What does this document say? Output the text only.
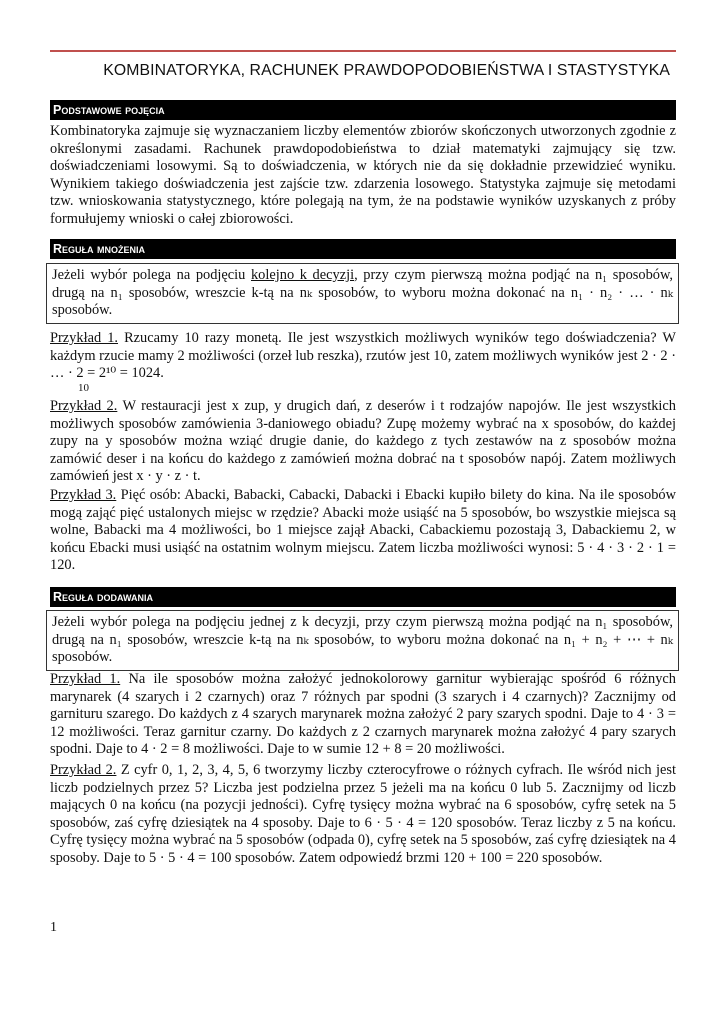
KOMBINATORYKA, RACHUNEK PRAWDOPODOBIEŃSTWA I STASTYSTYKA
Podstawowe pojęcia
Kombinatoryka zajmuje się wyznaczaniem liczby elementów zbiorów skończonych utworzonych zgodnie z określonymi zasadami. Rachunek prawdopodobieństwa to dział matematyki zajmujący się tzw. doświadczeniami losowymi. Są to doświadczenia, w których nie da się dokładnie przewidzieć wyniku. Wynikiem takiego doświadczenia jest zajście tzw. zdarzenia losowego. Statystyka zajmuje się metodami tzw. wnioskowania statystycznego, które polegają na tym, że na podstawie wyników uzyskanych z próby formułujemy wnioski o całej zbiorowości.
Reguła mnożenia
Jeżeli wybór polega na podjęciu kolejno k decyzji, przy czym pierwszą można podjąć na n₁ sposobów, drugą na n₁ sposobów, wreszcie k-tą na nₖ sposobów, to wyboru można dokonać na n₁ · n₂ · … · nₖ sposobów.
Przykład 1. Rzucamy 10 razy monetą. Ile jest wszystkich możliwych wyników tego doświadczenia? W każdym rzucie mamy 2 możliwości (orzeł lub reszka), rzutów jest 10, zatem możliwych wyników jest 2 · 2 · … · 2 = 2¹⁰ = 1024.
10
Przykład 2. W restauracji jest x zup, y drugich dań, z deserów i t rodzajów napojów. Ile jest wszystkich możliwych sposobów zamówienia 3-daniowego obiadu? Zupę możemy wybrać na x sposobów, do każdej zupy na y sposobów można wziąć drugie danie, do każdego z tych zestawów na z sposobów można zamówić deser i na końcu do każdego z zamówień można dobrać na t sposobów napój. Zatem możliwych zamówień jest x · y · z · t.
Przykład 3. Pięć osób: Abacki, Babacki, Cabacki, Dabacki i Ebacki kupiło bilety do kina. Na ile sposobów mogą zająć pięć ustalonych miejsc w rzędzie? Abacki może usiąść na 5 sposobów, bo wszystkie miejsca są wolne, Babacki ma 4 możliwości, bo 1 miejsce zajął Abacki, Cabackiemu pozostają 3, Dabackiemu 2, w końcu Ebacki musi usiąść na ostatnim wolnym miejscu. Zatem liczba możliwości wynosi: 5 · 4 · 3 · 2 · 1 = 120.
Reguła dodawania
Jeżeli wybór polega na podjęciu jednej z k decyzji, przy czym pierwszą można podjąć na n₁ sposobów, drugą na n₁ sposobów, wreszcie k-tą na nₖ sposobów, to wyboru można dokonać na n₁ + n₂ + ⋯ + nₖ sposobów.
Przykład 1. Na ile sposobów można założyć jednokolorowy garnitur wybierając spośród 6 różnych marynarek (4 szarych i 2 czarnych) oraz 7 różnych par spodni (3 szarych i 4 czarnych)? Zacznijmy od garnituru szarego. Do każdych z 4 szarych marynarek można założyć 2 pary szarych spodni. Daje to 4 · 3 = 12 możliwości. Teraz garnitur czarny. Do każdych z 2 czarnych marynarek można założyć 4 pary szarych spodni. Daje to 4 · 2 = 8 możliwości. Daje to w sumie 12 + 8 = 20 możliwości.
Przykład 2. Z cyfr 0, 1, 2, 3, 4, 5, 6 tworzymy liczby czterocyfrowe o różnych cyfrach. Ile wśród nich jest liczb podzielnych przez 5? Liczba jest podzielna przez 5 jeżeli ma na końcu 0 lub 5. Zacznijmy od liczb mających 0 na końcu (na pozycji jedności). Cyfrę tysięcy można wybrać na 6 sposobów, cyfrę setek na 5 sposobów, zaś cyfrę dziesiątek na 4 sposoby. Daje to 6 · 5 · 4 = 120 sposobów. Teraz liczby z 5 na końcu. Cyfrę tysięcy można wybrać na 5 sposobów (odpada 0), cyfrę setek na 5 sposobów, zaś cyfrę dziesiątek na 4 sposoby. Daje to 5 · 5 · 4 = 100 sposobów. Zatem odpowiedź brzmi 120 + 100 = 220 sposobów.
1
